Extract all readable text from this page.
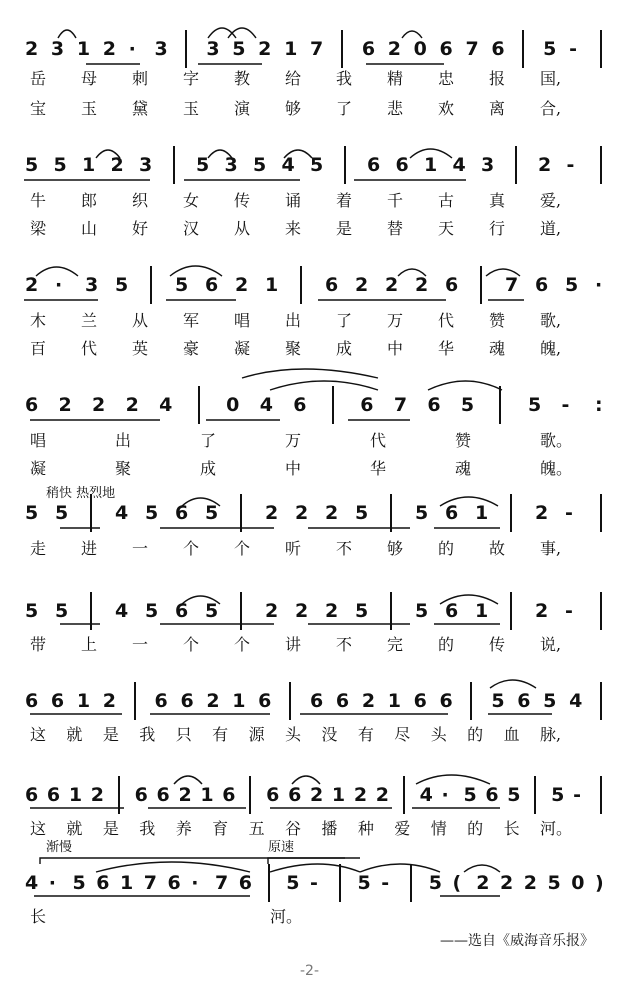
2 3 1 2 · 3 3 5 2 1 7 6 2 0 6 7 6 5 -
岳 母 刺 字 教 给 我 精 忠 报 国,
宝 玉 黛 玉 演 够 了 悲 欢 离 合,
5 5 1 2 3 5 3 5 4 5 6 6 1 4 3 2 -
牛 郎 织 女 传 诵 着 千 古 真 爱,
梁 山 好 汉 从 来 是 替 天 行 道,
2 · 3 5 5 6 2 1 6 2 2 2 6 7 6 5 ·
木 兰 从 军 唱 出 了 万 代 赞 歌,
百 代 英 豪 凝 聚 成 中 华 魂 魄,
6 2 2 2 4	0 4 6	6 7 6 5	5 - :
唱	出	了	万	代	赞	歌。
凝	聚	成	中	华	魂	魄。
5 5 4 5 6 5 2 2 2 5 5 6 1 2 -
稍快 热烈地
走 进 一 个 个 听 不 够 的 故 事,
5 5 4 5 6 5 2 2 2 5 5 6 1 2 -
带 上 一 个 个 讲 不 完 的 传 说,
6 6 1 2 6 6 2 1 6 6 6 2 1 6 6 5 6 5 4
这 就 是 我 只 有 源 头 没 有 尽 头 的 血 脉,
6 6 1 2 6 6 2 1 6 6 6 2 1 2 2 4 · 5 6 5 5 -
这 就 是 我 养 育 五 谷 播 种 爱 情 的 长 河。
4 · 5 6 1 7 6 · 7 6 5 - 5 - 5 ( 2 2 2 5 0 )
渐慢	原速
长	河。
——选自《威海音乐报》
-2-
